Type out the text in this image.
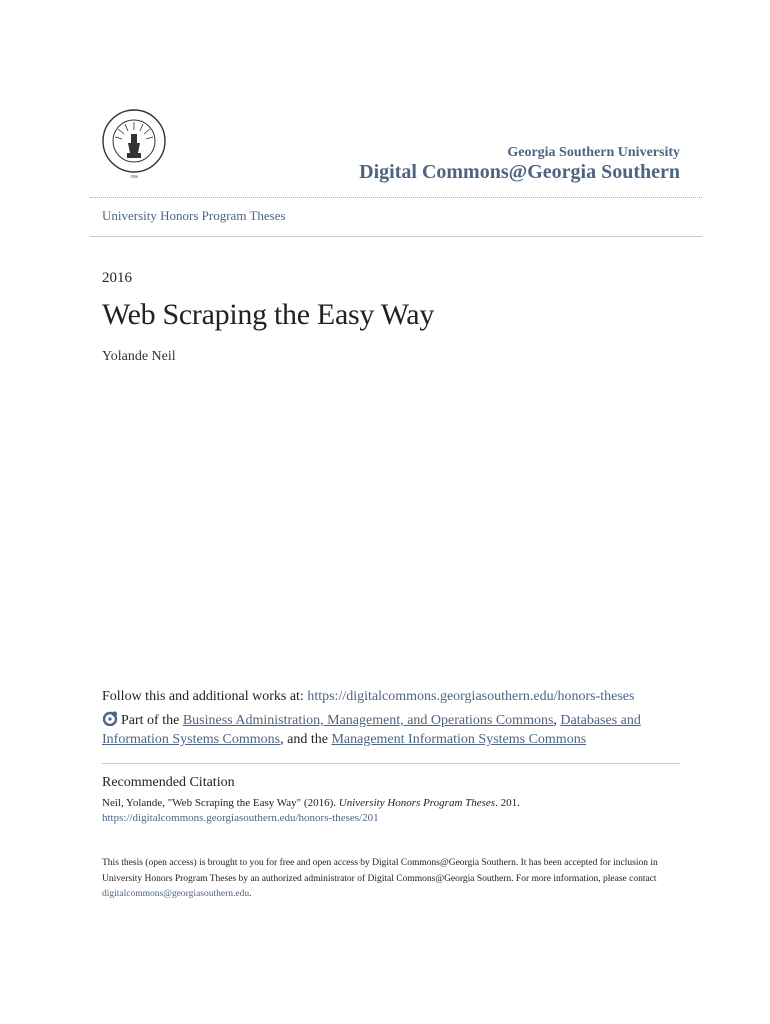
1906
Georgia Southern University
Digital Commons@Georgia Southern
University Honors Program Theses
2016
Web Scraping the Easy Way
Yolande Neil
Follow this and additional works at: https://digitalcommons.georgiasouthern.edu/honors-theses
Part of the Business Administration, Management, and Operations Commons, Databases and Information Systems Commons, and the Management Information Systems Commons
Recommended Citation
Neil, Yolande, "Web Scraping the Easy Way" (2016). University Honors Program Theses. 201.
https://digitalcommons.georgiasouthern.edu/honors-theses/201
This thesis (open access) is brought to you for free and open access by Digital Commons@Georgia Southern. It has been accepted for inclusion in University Honors Program Theses by an authorized administrator of Digital Commons@Georgia Southern. For more information, please contact digitalcommons@georgiasouthern.edu.
